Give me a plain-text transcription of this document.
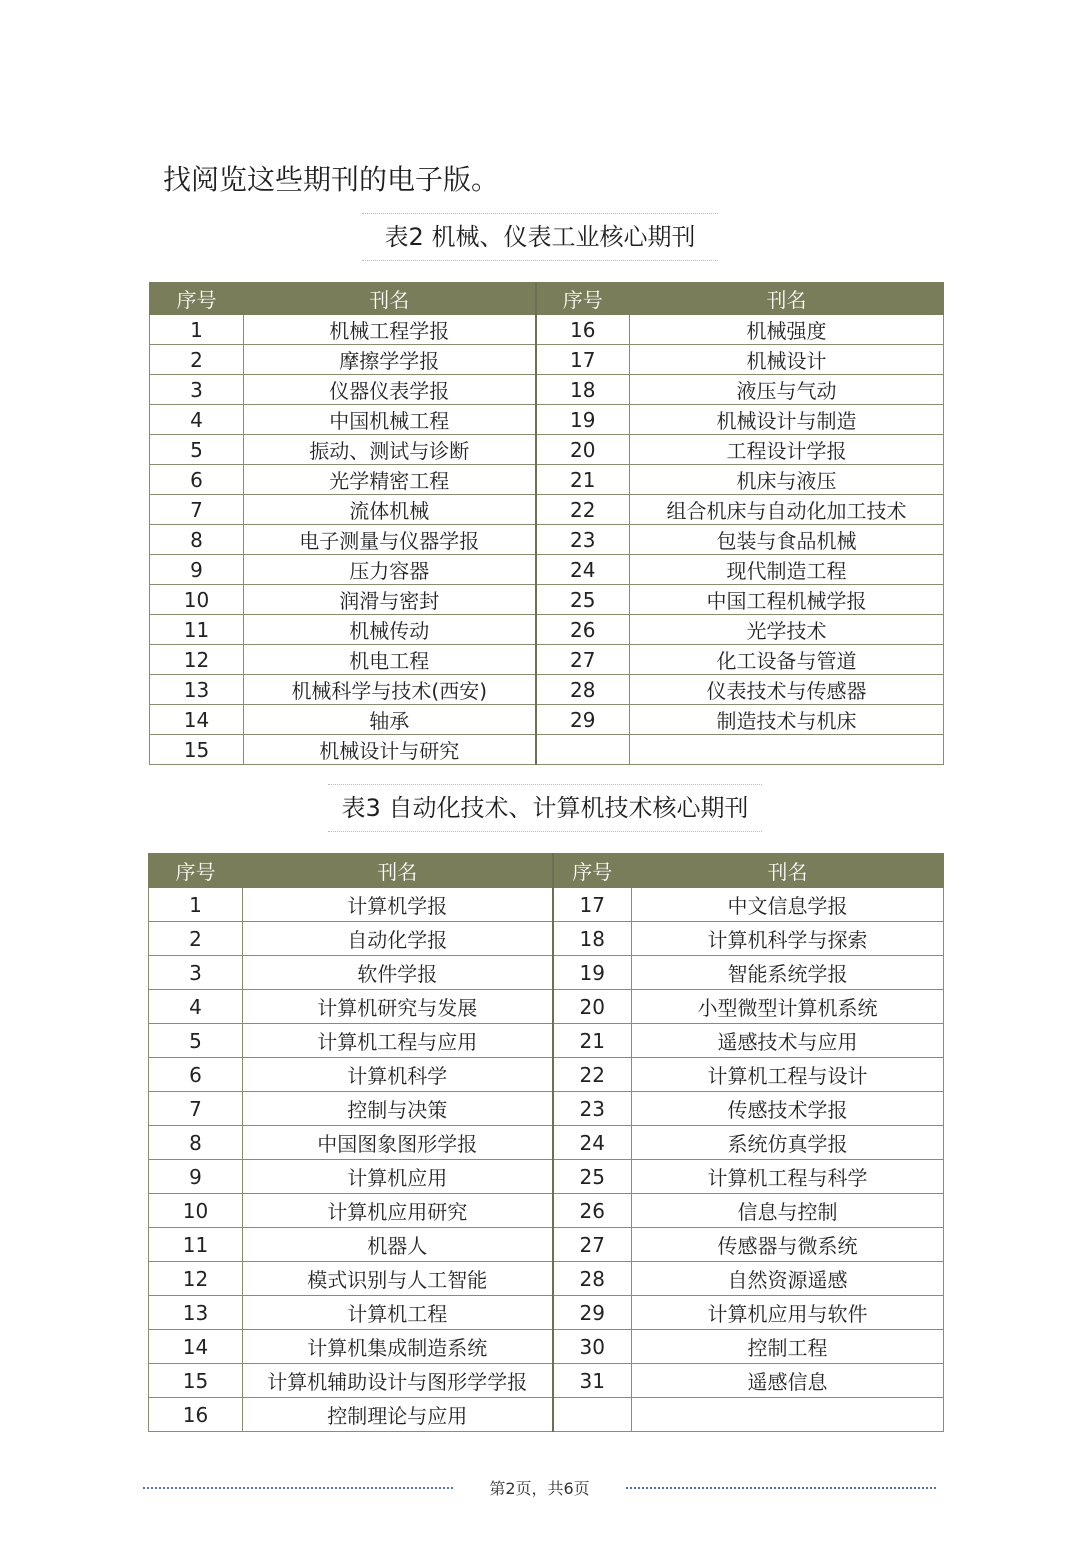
找阅览这些期刊的电子版。
表2 机械、仪表工业核心期刊
序号	刊名	序号	刊名
1	机械工程学报	16	机械强度
2	摩擦学学报	17	机械设计
3	仪器仪表学报	18	液压与气动
4	中国机械工程	19	机械设计与制造
5	振动、测试与诊断	20	工程设计学报
6	光学精密工程	21	机床与液压
7	流体机械	22	组合机床与自动化加工技术
8	电子测量与仪器学报	23	包装与食品机械
9	压力容器	24	现代制造工程
10	润滑与密封	25	中国工程机械学报
11	机械传动	26	光学技术
12	机电工程	27	化工设备与管道
13	机械科学与技术(西安)	28	仪表技术与传感器
14	轴承	29	制造技术与机床
15	机械设计与研究		
表3 自动化技术、计算机技术核心期刊
序号	刊名	序号	刊名
1	计算机学报	17	中文信息学报
2	自动化学报	18	计算机科学与探索
3	软件学报	19	智能系统学报
4	计算机研究与发展	20	小型微型计算机系统
5	计算机工程与应用	21	遥感技术与应用
6	计算机科学	22	计算机工程与设计
7	控制与决策	23	传感技术学报
8	中国图象图形学报	24	系统仿真学报
9	计算机应用	25	计算机工程与科学
10	计算机应用研究	26	信息与控制
11	机器人	27	传感器与微系统
12	模式识别与人工智能	28	自然资源遥感
13	计算机工程	29	计算机应用与软件
14	计算机集成制造系统	30	控制工程
15	计算机辅助设计与图形学学报	31	遥感信息
16	控制理论与应用		
第2页，共6页
